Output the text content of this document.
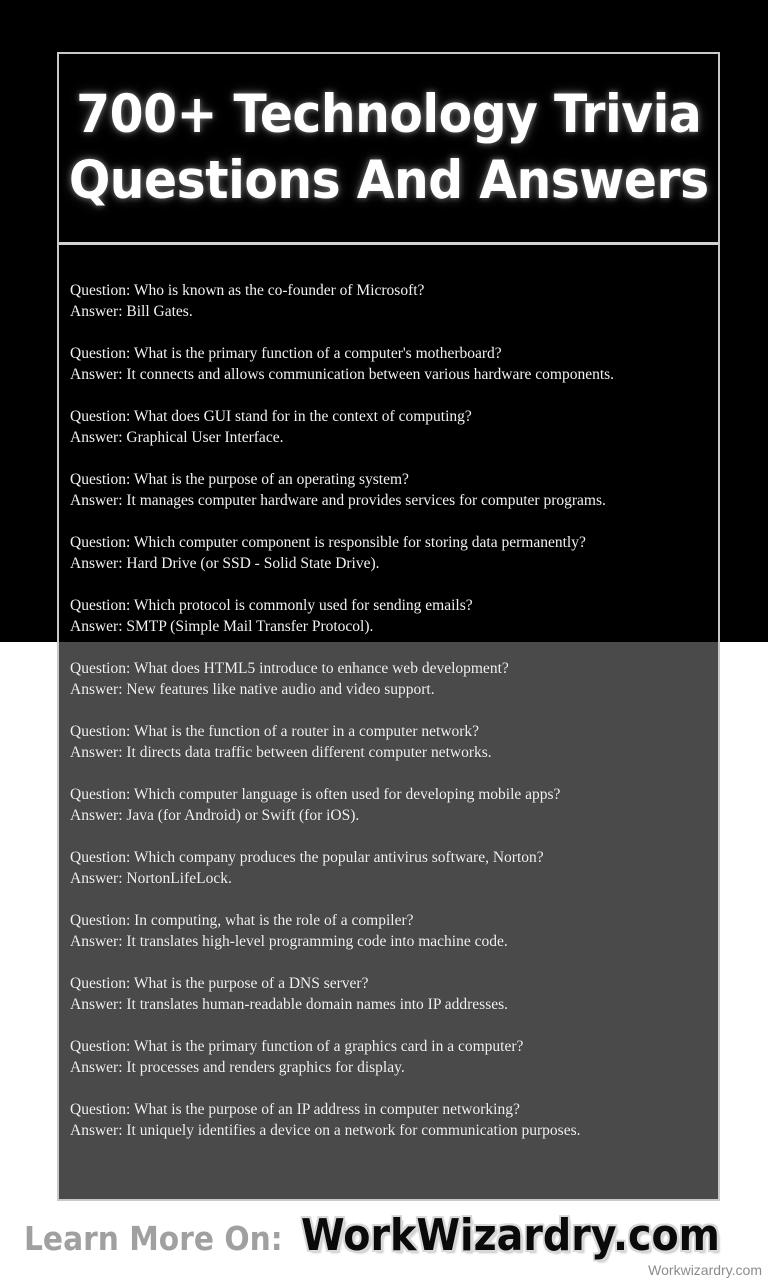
700+ Technology Trivia
Questions And Answers
Question: Who is known as the co-founder of Microsoft?
Answer: Bill Gates.
Question: What is the primary function of a computer's motherboard?
Answer: It connects and allows communication between various hardware components.
Question: What does GUI stand for in the context of computing?
Answer: Graphical User Interface.
Question: What is the purpose of an operating system?
Answer: It manages computer hardware and provides services for computer programs.
Question: Which computer component is responsible for storing data permanently?
Answer: Hard Drive (or SSD - Solid State Drive).
Question: Which protocol is commonly used for sending emails?
Answer: SMTP (Simple Mail Transfer Protocol).
Question: What does HTML5 introduce to enhance web development?
Answer: New features like native audio and video support.
Question: What is the function of a router in a computer network?
Answer: It directs data traffic between different computer networks.
Question: Which computer language is often used for developing mobile apps?
Answer: Java (for Android) or Swift (for iOS).
Question: Which company produces the popular antivirus software, Norton?
Answer: NortonLifeLock.
Question: In computing, what is the role of a compiler?
Answer: It translates high-level programming code into machine code.
Question: What is the purpose of a DNS server?
Answer: It translates human-readable domain names into IP addresses.
Question: What is the primary function of a graphics card in a computer?
Answer: It processes and renders graphics for display.
Question: What is the purpose of an IP address in computer networking?
Answer: It uniquely identifies a device on a network for communication purposes.
Learn More On: WorkWizardry.com
Workwizardry.com
